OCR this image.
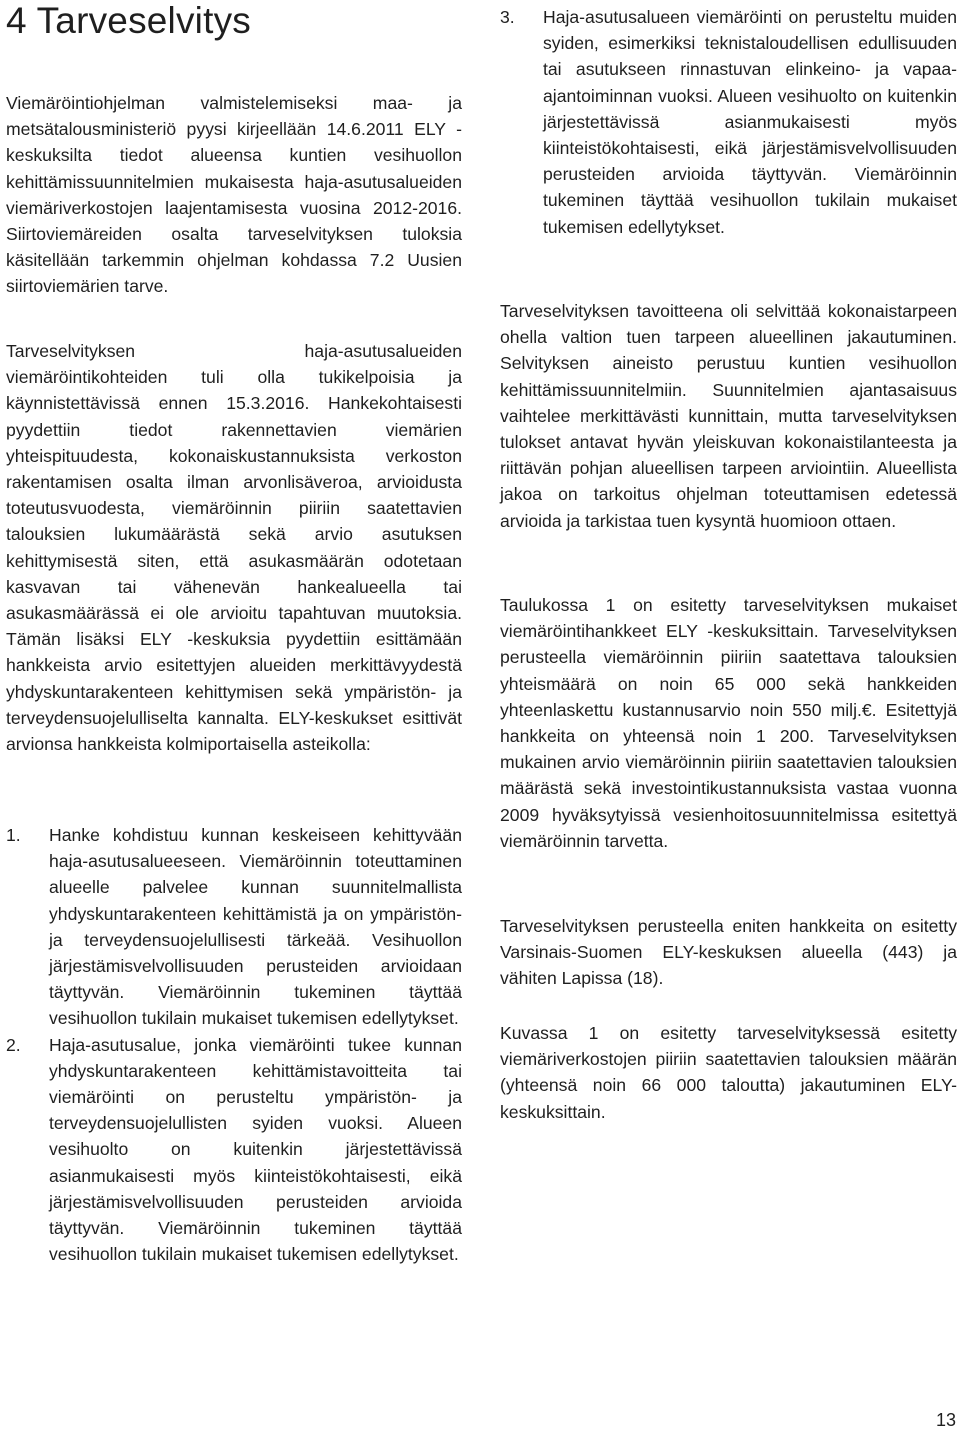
4 Tarveselvitys

Viemäröintiohjelman valmistelemiseksi maa- ja metsätalousministeriö pyysi kirjeellään 14.6.2011 ELY -keskuksilta tiedot alueensa kuntien vesihuollon kehittämissuunnitelmien mukaisesta haja-asutusalueiden viemäriverkostojen laajentamisesta vuosina 2012-2016. Siirtoviemäreiden osalta tarveselvityksen tuloksia käsitellään tarkemmin ohjelman kohdassa 7.2 Uusien siirtoviemärien tarve.

Tarveselvityksen haja-asutusalueiden viemäröintikohteiden tuli olla tukikelpoisia ja käynnistettävissä ennen 15.3.2016. Hankekohtaisesti pyydettiin tiedot rakennettavien viemärien yhteispituudesta, kokonaiskustannuksista verkoston rakentamisen osalta ilman arvonlisäveroa, arvioidusta toteutusvuodesta, viemäröinnin piiriin saatettavien talouksien lukumäärästä sekä arvio asutuksen kehittymisestä siten, että asukasmäärän odotetaan kasvavan tai vähenevän hankealueella tai asukasmäärässä ei ole arvioitu tapahtuvan muutoksia. Tämän lisäksi ELY -keskuksia pyydettiin esittämään hankkeista arvio esitettyjen alueiden merkittävyydestä yhdyskuntarakenteen kehittymisen sekä ympäristön- ja terveydensuojelulliselta kannalta. ELY-keskukset esittivät arvionsa hankkeista kolmiportaisella asteikolla:

1. Hanke kohdistuu kunnan keskeiseen kehittyvään haja-asutusalueeseen. Viemäröinnin toteuttaminen alueelle palvelee kunnan suunnitelmallista yhdyskuntarakenteen kehittämistä ja on ympäristön- ja terveydensuojelullisesti tärkeää. Vesihuollon järjestämisvelvollisuuden perusteiden arvioidaan täyttyvän. Viemäröinnin tukeminen täyttää vesihuollon tukilain mukaiset tukemisen edellytykset.
2. Haja-asutusalue, jonka viemäröinti tukee kunnan yhdyskuntarakenteen kehittämistavoitteita tai viemäröinti on perusteltu ympäristön- ja terveydensuojelullisten syiden vuoksi. Alueen vesihuolto on kuitenkin järjestettävissä asianmukaisesti myös kiinteistökohtaisesti, eikä järjestämisvelvollisuuden perusteiden arvioida täyttyvän. Viemäröinnin tukeminen täyttää vesihuollon tukilain mukaiset tukemisen edellytykset.
3. Haja-asutusalueen viemäröinti on perusteltu muiden syiden, esimerkiksi teknistaloudellisen edullisuuden tai asutukseen rinnastuvan elinkeino- ja vapaa-ajantoiminnan vuoksi. Alueen vesihuolto on kuitenkin järjestettävissä asianmukaisesti myös kiinteistökohtaisesti, eikä järjestämisvelvollisuuden perusteiden arvioida täyttyvän. Viemäröinnin tukeminen täyttää vesihuollon tukilain mukaiset tukemisen edellytykset.

Tarveselvityksen tavoitteena oli selvittää kokonaistarpeen ohella valtion tuen tarpeen alueellinen jakautuminen. Selvityksen aineisto perustuu kuntien vesihuollon kehittämissuunnitelmiin. Suunnitelmien ajantasaisuus vaihtelee merkittävästi kunnittain, mutta tarveselvityksen tulokset antavat hyvän yleiskuvan kokonaistilanteesta ja riittävän pohjan alueellisen tarpeen arviointiin. Alueellista jakoa on tarkoitus ohjelman toteuttamisen edetessä arvioida ja tarkistaa tuen kysyntä huomioon ottaen.

Taulukossa 1 on esitetty tarveselvityksen mukaiset viemäröintihankkeet ELY -keskuksittain. Tarveselvityksen perusteella viemäröinnin piiriin saatettava talouksien yhteismäärä on noin 65 000 sekä hankkeiden yhteenlaskettu kustannusarvio noin 550 milj.€. Esitettyjä hankkeita on yhteensä noin 1 200. Tarveselvityksen mukainen arvio viemäröinnin piiriin saatettavien talouksien määrästä sekä investointikustannuksista vastaa vuonna 2009 hyväksytyissä vesienhoitosuunnitelmissa esitettyä viemäröinnin tarvetta.

Tarveselvityksen perusteella eniten hankkeita on esitetty Varsinais-Suomen ELY-keskuksen alueella (443) ja vähiten Lapissa (18).

Kuvassa 1 on esitetty tarveselvityksessä esitetty viemäriverkostojen piiriin saatettavien talouksien määrän (yhteensä noin 66 000 taloutta) jakautuminen ELY-keskuksittain.

13
